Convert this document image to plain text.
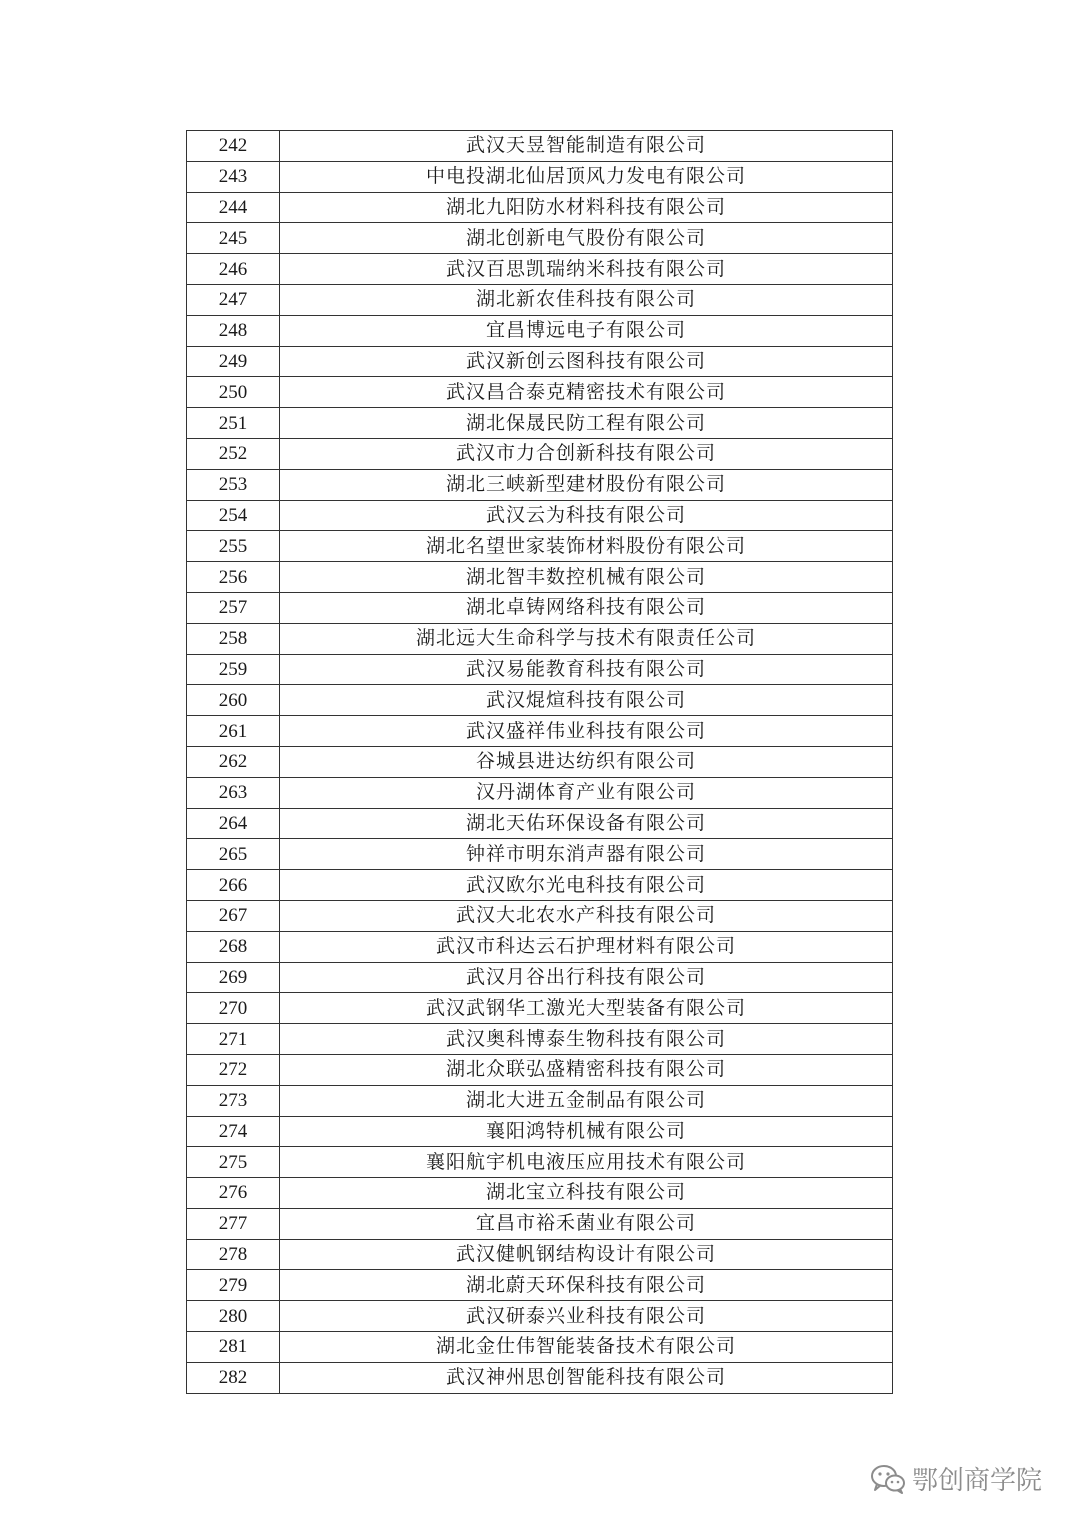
242	武汉天昱智能制造有限公司
243	中电投湖北仙居顶风力发电有限公司
244	湖北九阳防水材料科技有限公司
245	湖北创新电气股份有限公司
246	武汉百思凯瑞纳米科技有限公司
247	湖北新农佳科技有限公司
248	宜昌博远电子有限公司
249	武汉新创云图科技有限公司
250	武汉昌合泰克精密技术有限公司
251	湖北保晟民防工程有限公司
252	武汉市力合创新科技有限公司
253	湖北三峡新型建材股份有限公司
254	武汉云为科技有限公司
255	湖北名望世家装饰材料股份有限公司
256	湖北智丰数控机械有限公司
257	湖北卓铸网络科技有限公司
258	湖北远大生命科学与技术有限责任公司
259	武汉易能教育科技有限公司
260	武汉焜煊科技有限公司
261	武汉盛祥伟业科技有限公司
262	谷城县进达纺织有限公司
263	汉丹湖体育产业有限公司
264	湖北天佑环保设备有限公司
265	钟祥市明东消声器有限公司
266	武汉欧尔光电科技有限公司
267	武汉大北农水产科技有限公司
268	武汉市科达云石护理材料有限公司
269	武汉月谷出行科技有限公司
270	武汉武钢华工激光大型装备有限公司
271	武汉奥科博泰生物科技有限公司
272	湖北众联弘盛精密科技有限公司
273	湖北大进五金制品有限公司
274	襄阳鸿特机械有限公司
275	襄阳航宇机电液压应用技术有限公司
276	湖北宝立科技有限公司
277	宜昌市裕禾菌业有限公司
278	武汉健帆钢结构设计有限公司
279	湖北蔚天环保科技有限公司
280	武汉研泰兴业科技有限公司
281	湖北金仕伟智能装备技术有限公司
282	武汉神州思创智能科技有限公司
鄂创商学院
